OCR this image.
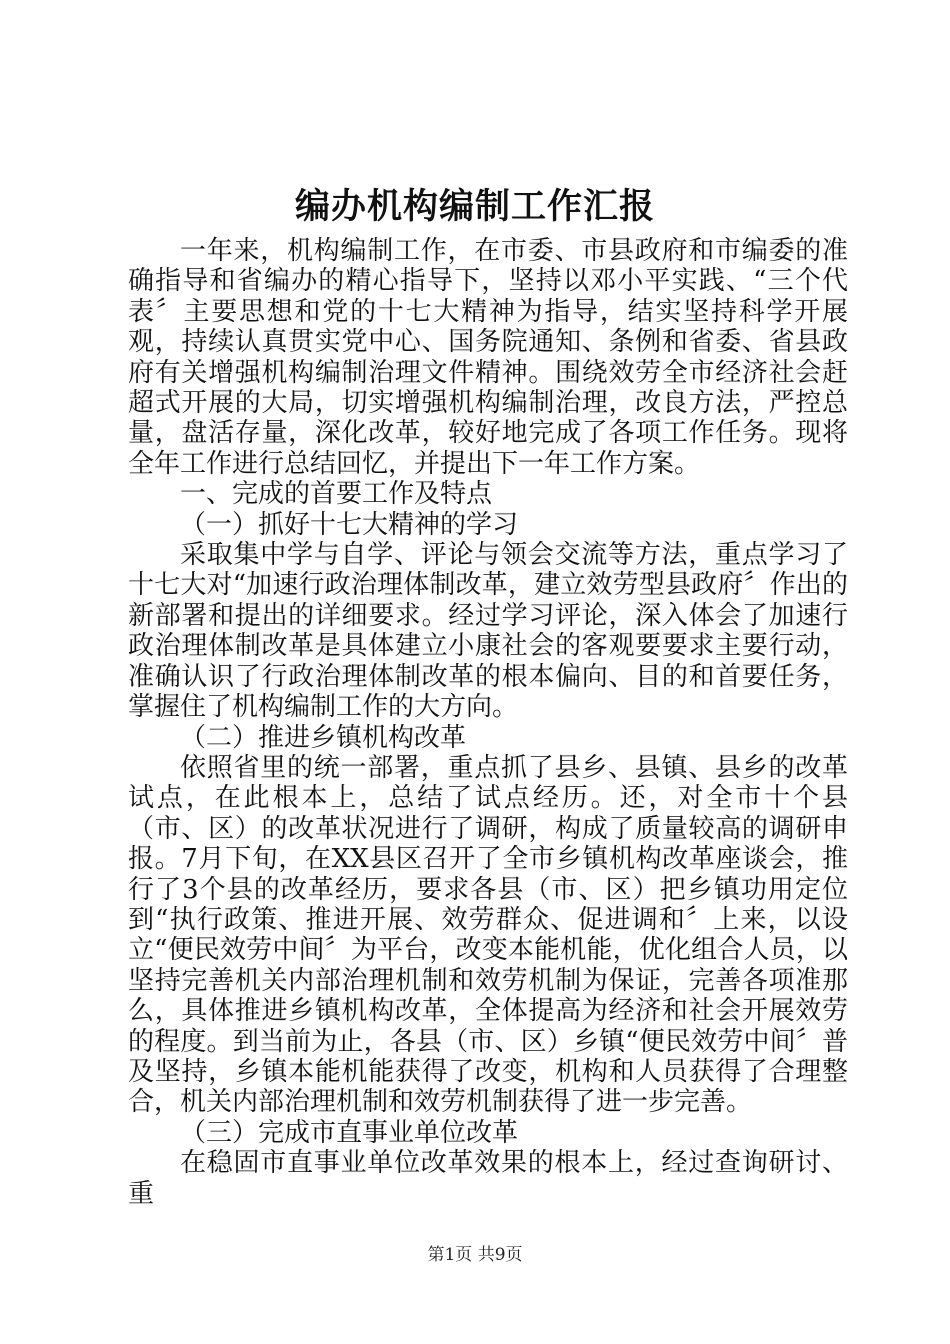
编办机构编制工作汇报

一年来，机构编制工作，在市委、市县政府和市编委的准确指导和省编办的精心指导下，坚持以邓小平实践、“三个代表〞主要思想和党的十七大精神为指导，结实坚持科学开展观，持续认真贯实党中心、国务院通知、条例和省委、省县政府有关增强机构编制治理文件精神。围绕效劳全市经济社会赶超式开展的大局，切实增强机构编制治理，改良方法，严控总量，盘活存量，深化改革，较好地完成了各项工作任务。现将全年工作进行总结回忆，并提出下一年工作方案。

一、完成的首要工作及特点

（一）抓好十七大精神的学习

采取集中学与自学、评论与领会交流等方法，重点学习了十七大对“加速行政治理体制改革，建立效劳型县政府〞作出的新部署和提出的详细要求。经过学习评论，深入体会了加速行政治理体制改革是具体建立小康社会的客观要要求主要行动，准确认识了行政治理体制改革的根本偏向、目的和首要任务，掌握住了机构编制工作的大方向。

（二）推进乡镇机构改革

依照省里的统一部署，重点抓了县乡、县镇、县乡的改革试点，在此根本上，总结了试点经历。还，对全市十个县（市、区）的改革状况进行了调研，构成了质量较高的调研申报。7月下旬，在XX县区召开了全市乡镇机构改革座谈会，推行了3个县的改革经历，要求各县（市、区）把乡镇功用定位到“执行政策、推进开展、效劳群众、促进调和〞上来，以设立“便民效劳中间〞为平台，改变本能机能，优化组合人员，以坚持完善机关内部治理机制和效劳机制为保证，完善各项准那么，具体推进乡镇机构改革，全体提高为经济和社会开展效劳的程度。到当前为止，各县（市、区）乡镇“便民效劳中间〞普及坚持，乡镇本能机能获得了改变，机构和人员获得了合理整合，机关内部治理机制和效劳机制获得了进一步完善。

（三）完成市直事业单位改革

在稳固市直事业单位改革效果的根本上，经过查询研讨、重

第1页 共9页
